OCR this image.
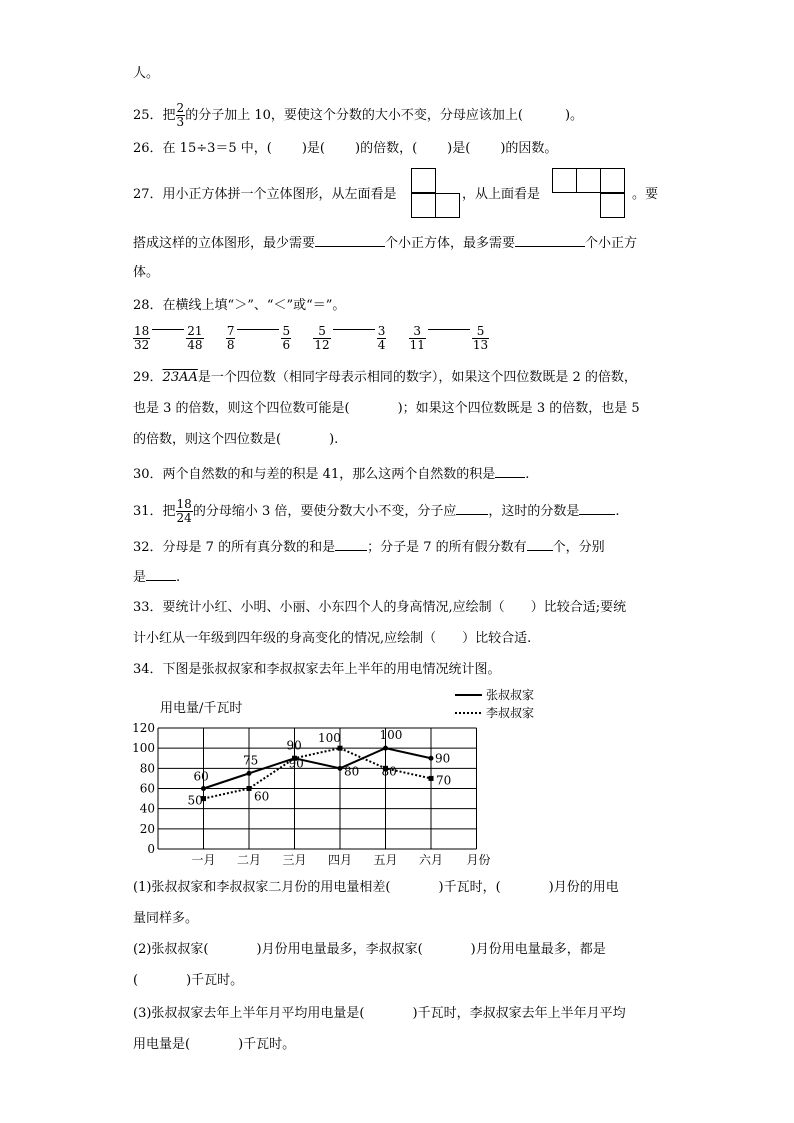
人。
25．把 $\frac{2}{3}$ 的分子加上 10，要使这个分数的大小不变，分母应该加上(	)。
26．在 15÷3＝5 中，( )是( )的倍数，( )是( )的因数。
27．用小正方体拼一个立体图形，从左面看是	，从上面看是	。要
搭成这样的立体图形，最少需要	个小正方体，最多需要	个小正方
体。
28．在横线上填“＞”、“＜”或“＝”。
$\frac{18}{32}$	$\frac{21}{48}$
$\frac{7}{8}$	$\frac{5}{6}$
$\frac{5}{12}$	$\frac{3}{4}$
$\frac{3}{11}$	$\frac{5}{13}$
29．23AA是一个四位数（相同字母表示相同的数字），如果这个四位数既是 2 的倍数，
也是 3 的倍数，则这个四位数可能是(	)；如果这个四位数既是 3 的倍数，也是 5
的倍数，则这个四位数是(	).
30．两个自然数的和与差的积是 41，那么这两个自然数的积是 .
31．把 $\frac{18}{24}$ 的分母缩小 3 倍，要使分数大小不变，分子应 ，这时的分数是	.
32．分母是 7 的所有真分数的和是 ；分子是 7 的所有假分数有 个，分别
是 .
33．要统计小红、小明、小丽、小东四个人的身高情况,应绘制（ ）比较合适;要统
计小红从一年级到四年级的身高变化的情况,应绘制（ ）比较合适.
34．下图是张叔叔家和李叔叔家去年上半年的用电情况统计图。
0
20
40
60
80
100
120
用电量/千瓦时
一月 二月 三月 四月 五月 六月 月份
张叔叔家
李叔叔家
60
75
90
80
100
90
50	60
90
100
80
70
(1)张叔叔家和李叔叔家二月份的用电量相差(	)千瓦时，(	)月份的用电
量同样多。
(2)张叔叔家(	)月份用电量最多，李叔叔家(	)月份用电量最多，都是
(	)千瓦时。
(3)张叔叔家去年上半年月平均用电量是(	)千瓦时，李叔叔家去年上半年月平均
用电量是(	)千瓦时。
